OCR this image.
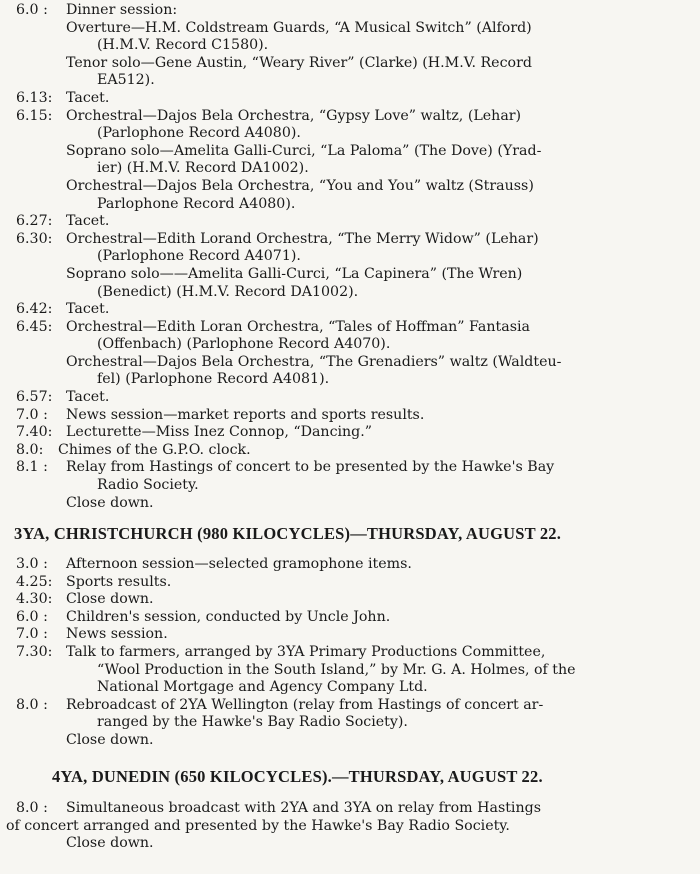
6.0 : Dinner session:
Overture—H.M. Coldstream Guards, “A Musical Switch” (Alford)
(H.M.V. Record C1580).
Tenor solo—Gene Austin, “Weary River” (Clarke) (H.M.V. Record
EA512).
6.13: Tacet.
6.15: Orchestral—Dajos Bela Orchestra, “Gypsy Love” waltz, (Lehar)
(Parlophone Record A4080).
Soprano solo—Amelita Galli-Curci, “La Paloma” (The Dove) (Yrad-
ier) (H.M.V. Record DA1002).
Orchestral—Dajos Bela Orchestra, “You and You” waltz (Strauss)
Parlophone Record A4080).
6.27: Tacet.
6.30: Orchestral—Edith Lorand Orchestra, “The Merry Widow” (Lehar)
(Parlophone Record A4071).
Soprano solo——Amelita Galli-Curci, “La Capinera” (The Wren)
(Benedict) (H.M.V. Record DA1002).
6.42: Tacet.
6.45: Orchestral—Edith Loran Orchestra, “Tales of Hoffman” Fantasia
(Offenbach) (Parlophone Record A4070).
Orchestral—Dajos Bela Orchestra, “The Grenadiers” waltz (Waldteu-
fel) (Parlophone Record A4081).
6.57: Tacet.
7.0 : News session—market reports and sports results.
7.40: Lecturette—Miss Inez Connop, “Dancing.”
8.0: Chimes of the G.P.O. clock.
8.1 : Relay from Hastings of concert to be presented by the Hawke's Bay
Radio Society.
Close down.
3YA, CHRISTCHURCH (980 KILOCYCLES)—THURSDAY, AUGUST 22.
3.0 : Afternoon session—selected gramophone items.
4.25: Sports results.
4.30: Close down.
6.0 : Children's session, conducted by Uncle John.
7.0 : News session.
7.30: Talk to farmers, arranged by 3YA Primary Productions Committee,
“Wool Production in the South Island,” by Mr. G. A. Holmes, of the
National Mortgage and Agency Company Ltd.
8.0 : Rebroadcast of 2YA Wellington (relay from Hastings of concert ar-
ranged by the Hawke's Bay Radio Society).
Close down.
4YA, DUNEDIN (650 KILOCYCLES).—THURSDAY, AUGUST 22.
8.0 : Simultaneous broadcast with 2YA and 3YA on relay from Hastings
of concert arranged and presented by the Hawke's Bay Radio Society.
Close down.
